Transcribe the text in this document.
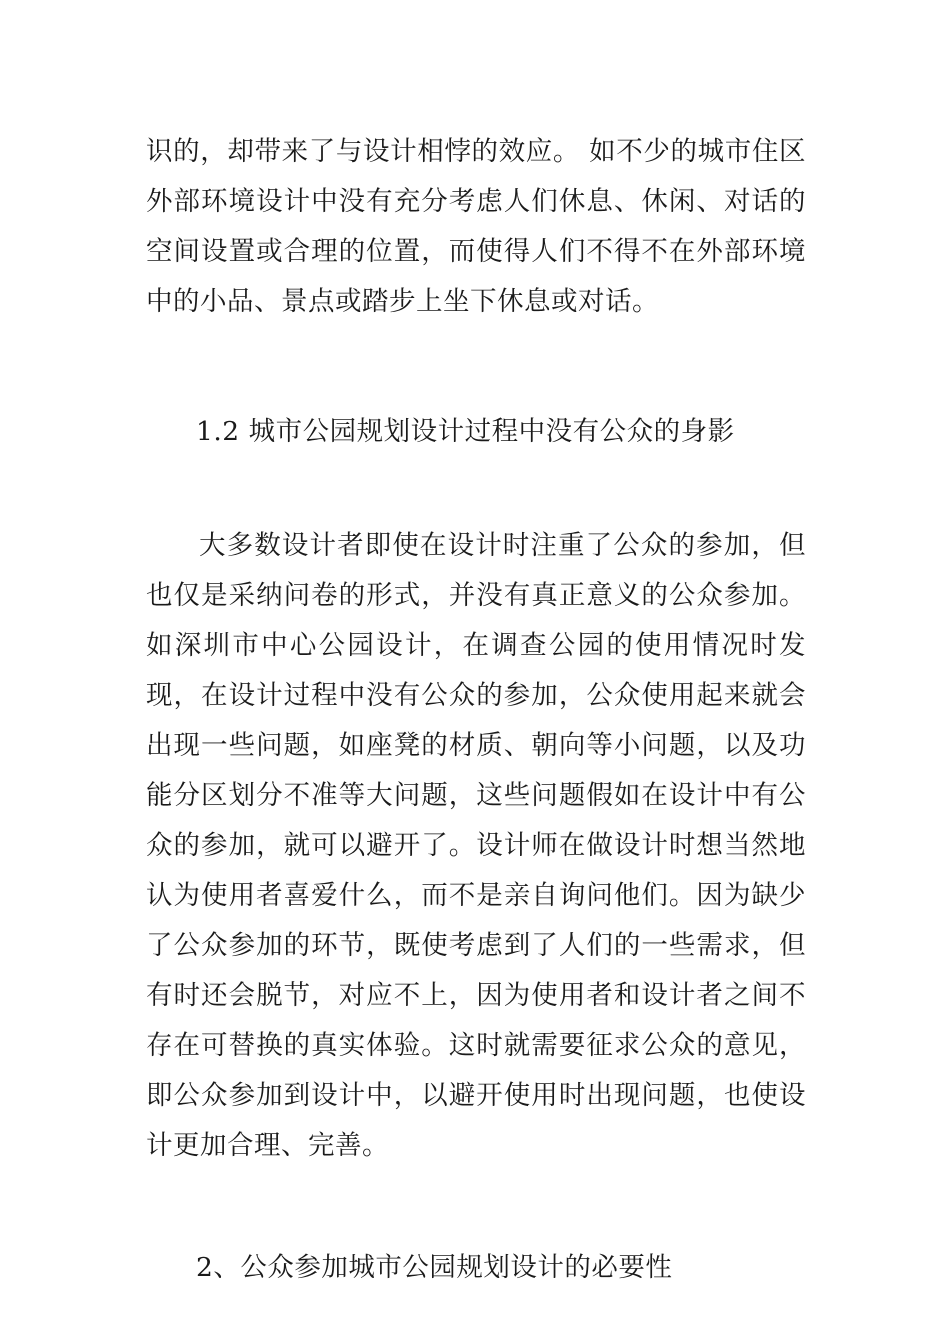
识的，却带来了与设计相悖的效应。 如不少的城市住区外部环境设计中没有充分考虑人们休息、休闲、对话的空间设置或合理的位置，而使得人们不得不在外部环境中的小品、景点或踏步上坐下休息或对话。

1.2 城市公园规划设计过程中没有公众的身影

大多数设计者即使在设计时注重了公众的参加，但也仅是采纳问卷的形式，并没有真正意义的公众参加。 如深圳市中心公园设计，在调查公园的使用情况时发现，在设计过程中没有公众的参加，公众使用起来就会出现一些问题，如座凳的材质、朝向等小问题，以及功能分区划分不准等大问题，这些问题假如在设计中有公众的参加，就可以避开了。设计师在做设计时想当然地认为使用者喜爱什么，而不是亲自询问他们。因为缺少了公众参加的环节，既使考虑到了人们的一些需求，但有时还会脱节，对应不上，因为使用者和设计者之间不存在可替换的真实体验。这时就需要征求公众的意见，即公众参加到设计中，以避开使用时出现问题，也使设计更加合理、完善。

2、公众参加城市公园规划设计的必要性
